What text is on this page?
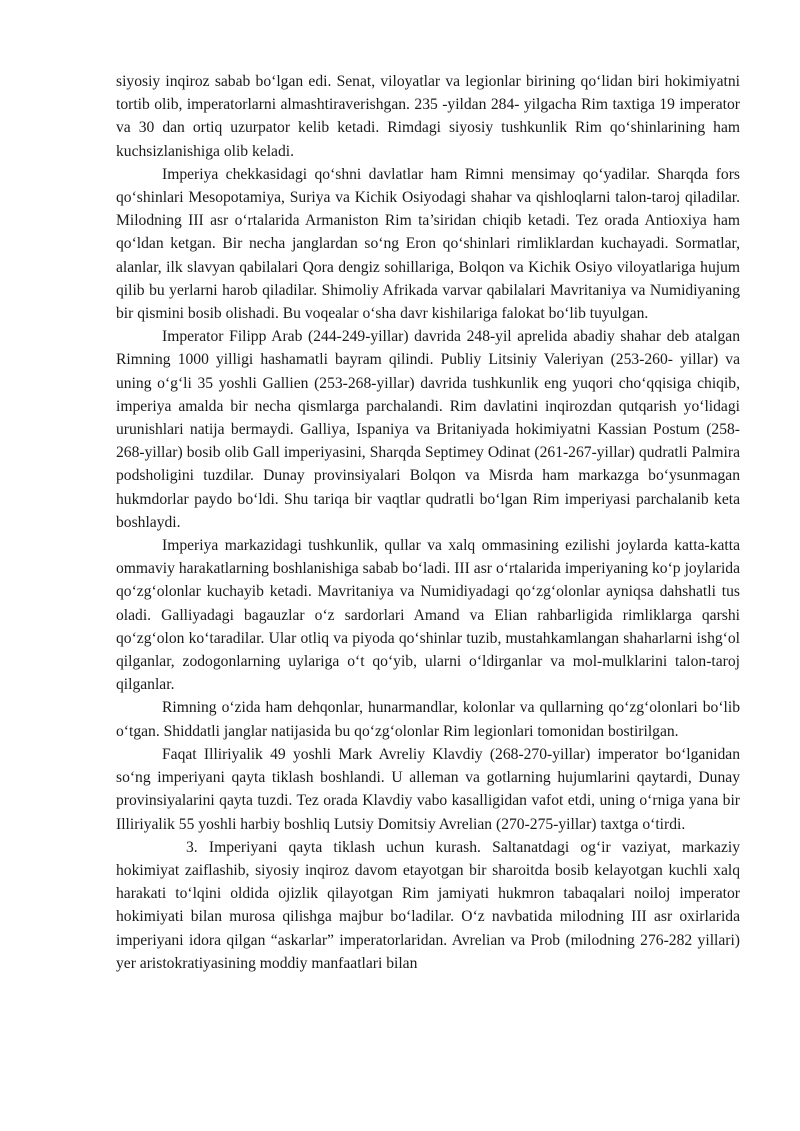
siyosiy inqiroz sabab bo‘lgan edi. Senat, viloyatlar va legionlar birining qo‘lidan biri hokimiyatni tortib olib, imperatorlarni almashtiraverishgan. 235 -yildan 284- yilgacha Rim taxtiga 19 imperator va 30 dan ortiq uzurpator kelib ketadi. Rimdagi siyosiy tushkunlik Rim qo‘shinlarining ham kuchsizlanishiga olib keladi.

Imperiya chekkasidagi qo‘shni davlatlar ham Rimni mensimay qo‘yadilar. Sharqda fors qo‘shinlari Mesopotamiya, Suriya va Kichik Osiyodagi shahar va qishloqlarni talon-taroj qiladilar. Milodning III asr o‘rtalarida Armaniston Rim ta’siridan chiqib ketadi. Tez orada Antioxiya ham qo‘ldan ketgan. Bir necha janglardan so‘ng Eron qo‘shinlari rimliklardan kuchayadi. Sormatlar, alanlar, ilk slavyan qabilalari Qora dengiz sohillariga, Bolqon va Kichik Osiyo viloyatlariga hujum qilib bu yerlarni harob qiladilar. Shimoliy Afrikada varvar qabilalari Mavritaniya va Numidiyaning bir qismini bosib olishadi. Bu voqealar o‘sha davr kishilariga falokat bo‘lib tuyulgan.

Imperator Filipp Arab (244-249-yillar) davrida 248-yil aprelida abadiy shahar deb atalgan Rimning 1000 yilligi hashamatli bayram qilindi. Publiy Litsiniy Valeriyan (253-260- yillar) va uning o‘g‘li 35 yoshli Gallien (253-268-yillar) davrida tushkunlik eng yuqori cho‘qqisiga chiqib, imperiya amalda bir necha qismlarga parchalandi. Rim davlatini inqirozdan qutqarish yo‘lidagi urunishlari natija bermaydi. Galliya, Ispaniya va Britaniyada hokimiyatni Kassian Postum (258-268-yillar) bosib olib Gall imperiyasini, Sharqda Septimey Odinat (261-267-yillar) qudratli Palmira podsholigini tuzdilar. Dunay provinsiyalari Bolqon va Misrda ham markazga bo‘ysunmagan hukmdorlar paydo bo‘ldi. Shu tariqa bir vaqtlar qudratli bo‘lgan Rim imperiyasi parchalanib keta boshlaydi.

Imperiya markazidagi tushkunlik, qullar va xalq ommasining ezilishi joylarda katta-katta ommaviy harakatlarning boshlanishiga sabab bo‘ladi. III asr o‘rtalarida imperiyaning ko‘p joylarida qo‘zg‘olonlar kuchayib ketadi. Mavritaniya va Numidiyadagi qo‘zg‘olonlar ayniqsa dahshatli tus oladi. Galliyadagi bagauzlar o‘z sardorlari Amand va Elian rahbarligida rimliklarga qarshi qo‘zg‘olon ko‘taradilar. Ular otliq va piyoda qo‘shinlar tuzib, mustahkamlangan shaharlarni ishg‘ol qilganlar, zodogonlarning uylariga o‘t qo‘yib, ularni o‘ldirganlar va mol-mulklarini talon-taroj qilganlar.

Rimning o‘zida ham dehqonlar, hunarmandlar, kolonlar va qullarning qo‘zg‘olonlari bo‘lib o‘tgan. Shiddatli janglar natijasida bu qo‘zg‘olonlar Rim legionlari tomonidan bostirilgan.

Faqat Illiriyalik 49 yoshli Mark Avreliy Klavdiy (268-270-yillar) imperator bo‘lganidan so‘ng imperiyani qayta tiklash boshlandi. U alleman va gotlarning hujumlarini qaytardi, Dunay provinsiyalarini qayta tuzdi. Tez orada Klavdiy vabo kasalligidan vafot etdi, uning o‘rniga yana bir Illiriyalik 55 yoshli harbiy boshliq Lutsiy Domitsiy Avrelian (270-275-yillar) taxtga o‘tirdi.

3. Imperiyani qayta tiklash uchun kurash. Saltanatdagi og‘ir vaziyat, markaziy hokimiyat zaiflashib, siyosiy inqiroz davom etayotgan bir sharoitda bosib kelayotgan kuchli xalq harakati to‘lqini oldida ojizlik qilayotgan Rim jamiyati hukmron tabaqalari noiloj imperator hokimiyati bilan murosa qilishga majbur bo‘ladilar. O‘z navbatida milodning III asr oxirlarida imperiyani idora qilgan “askarlar” imperatorlaridan. Avrelian va Prob (milodning 276-282 yillari) yer aristokratiyasining moddiy manfaatlari bilan
